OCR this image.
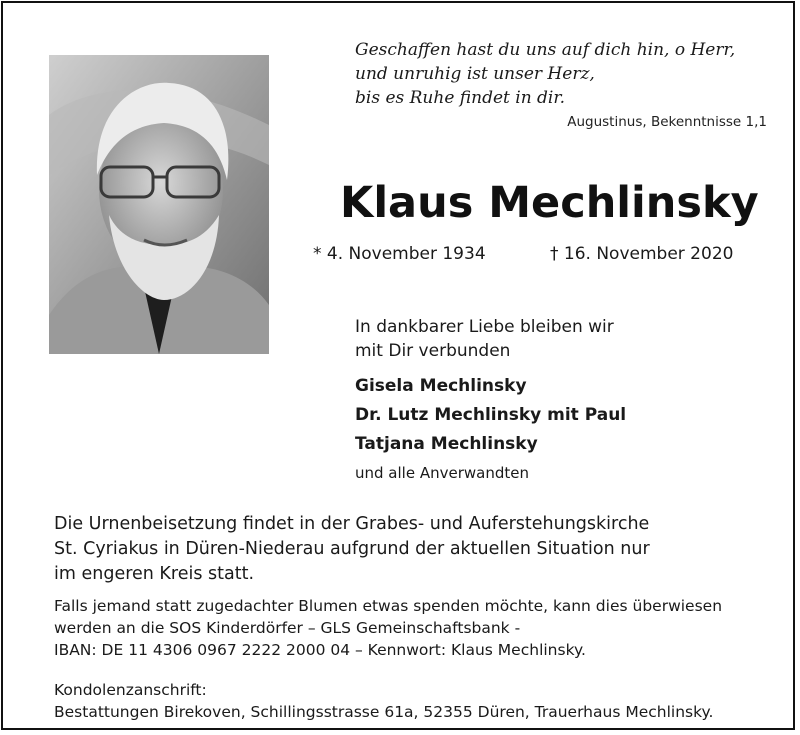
Geschaffen hast du uns auf dich hin, o Herr,
und unruhig ist unser Herz,
bis es Ruhe findet in dir.
Augustinus, Bekenntnisse 1,1
Klaus Mechlinsky
* 4. November 1934	† 16. November 2020
In dankbarer Liebe bleiben wir
mit Dir verbunden
Gisela Mechlinsky
Dr. Lutz Mechlinsky mit Paul
Tatjana Mechlinsky
und alle Anverwandten
Die Urnenbeisetzung findet in der Grabes- und Auferstehungskirche
St. Cyriakus in Düren-Niederau aufgrund der aktuellen Situation nur
im engeren Kreis statt.
Falls jemand statt zugedachter Blumen etwas spenden möchte, kann dies überwiesen
werden an die SOS Kinderdörfer – GLS Gemeinschaftsbank -
IBAN: DE 11 4306 0967 2222 2000 04 – Kennwort: Klaus Mechlinsky.
Kondolenzanschrift:
Bestattungen Birekoven, Schillingsstrasse 61a, 52355 Düren, Trauerhaus Mechlinsky.
